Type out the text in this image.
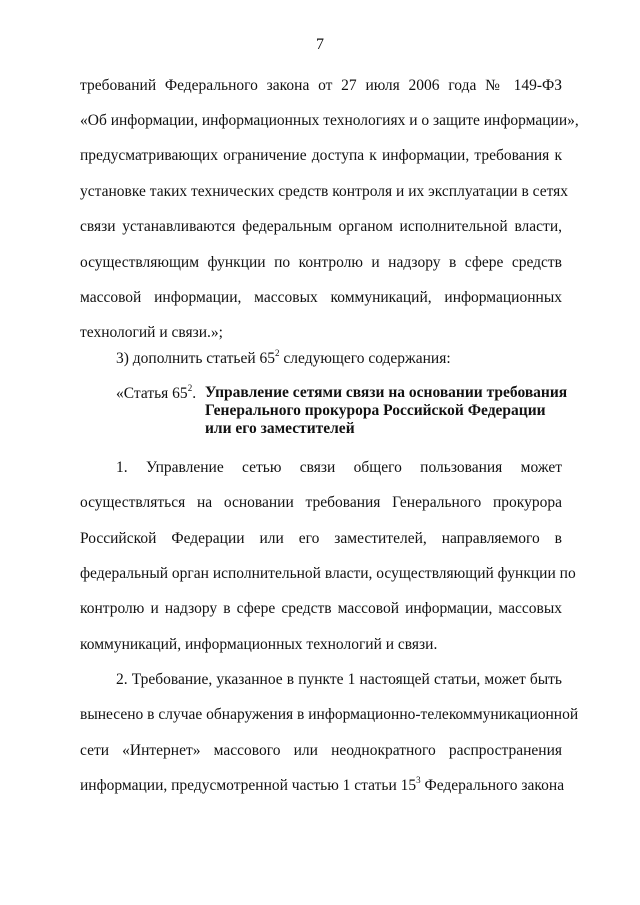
7
требований Федерального закона от 27 июля 2006 года № 149-ФЗ
«Об информации, информационных технологиях и о защите информации»,
предусматривающих ограничение доступа к информации, требования к
установке таких технических средств контроля и их эксплуатации в сетях
связи устанавливаются федеральным органом исполнительной власти,
осуществляющим функции по контролю и надзору в сфере средств
массовой информации, массовых коммуникаций, информационных
технологий и связи.»;
3) дополнить статьей $65^2$ следующего содержания:
«Статья $65^2$. Управление сетями связи на основании требования
Генерального прокурора Российской Федерации
или его заместителей
1. Управление сетью связи общего пользования может
осуществляться на основании требования Генерального прокурора
Российской Федерации или его заместителей, направляемого в
федеральный орган исполнительной власти, осуществляющий функции по
контролю и надзору в сфере средств массовой информации, массовых
коммуникаций, информационных технологий и связи.
2. Требование, указанное в пункте 1 настоящей статьи, может быть
вынесено в случае обнаружения в информационно-телекоммуникационной
сети «Интернет» массового или неоднократного распространения
информации, предусмотренной частью 1 статьи $15^3$ Федерального закона
